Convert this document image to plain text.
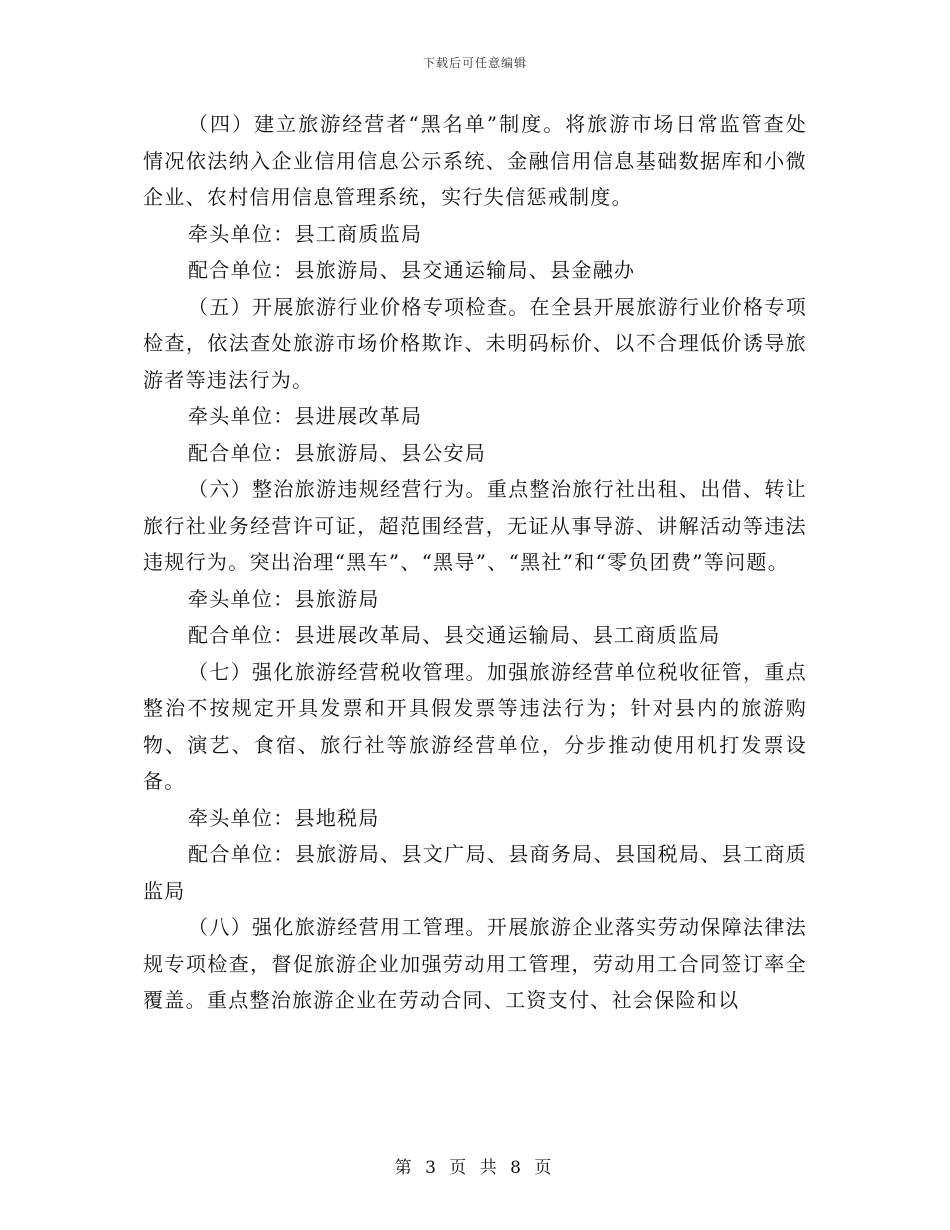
下载后可任意编辑

（四）建立旅游经营者“黑名单”制度。将旅游市场日常监管查处情况依法纳入企业信用信息公示系统、金融信用信息基础数据库和小微企业、农村信用信息管理系统，实行失信惩戒制度。

牵头单位：县工商质监局

配合单位：县旅游局、县交通运输局、县金融办

（五）开展旅游行业价格专项检查。在全县开展旅游行业价格专项检查，依法查处旅游市场价格欺诈、未明码标价、以不合理低价诱导旅游者等违法行为。

牵头单位：县进展改革局

配合单位：县旅游局、县公安局

（六）整治旅游违规经营行为。重点整治旅行社出租、出借、转让旅行社业务经营许可证，超范围经营，无证从事导游、讲解活动等违法违规行为。突出治理“黑车”、“黑导”、“黑社”和“零负团费”等问题。

牵头单位：县旅游局

配合单位：县进展改革局、县交通运输局、县工商质监局

（七）强化旅游经营税收管理。加强旅游经营单位税收征管，重点整治不按规定开具发票和开具假发票等违法行为；针对县内的旅游购物、演艺、食宿、旅行社等旅游经营单位，分步推动使用机打发票设备。

牵头单位：县地税局

配合单位：县旅游局、县文广局、县商务局、县国税局、县工商质监局

（八）强化旅游经营用工管理。开展旅游企业落实劳动保障法律法规专项检查，督促旅游企业加强劳动用工管理，劳动用工合同签订率全覆盖。重点整治旅游企业在劳动合同、工资支付、社会保险和以

第 3 页 共 8 页
